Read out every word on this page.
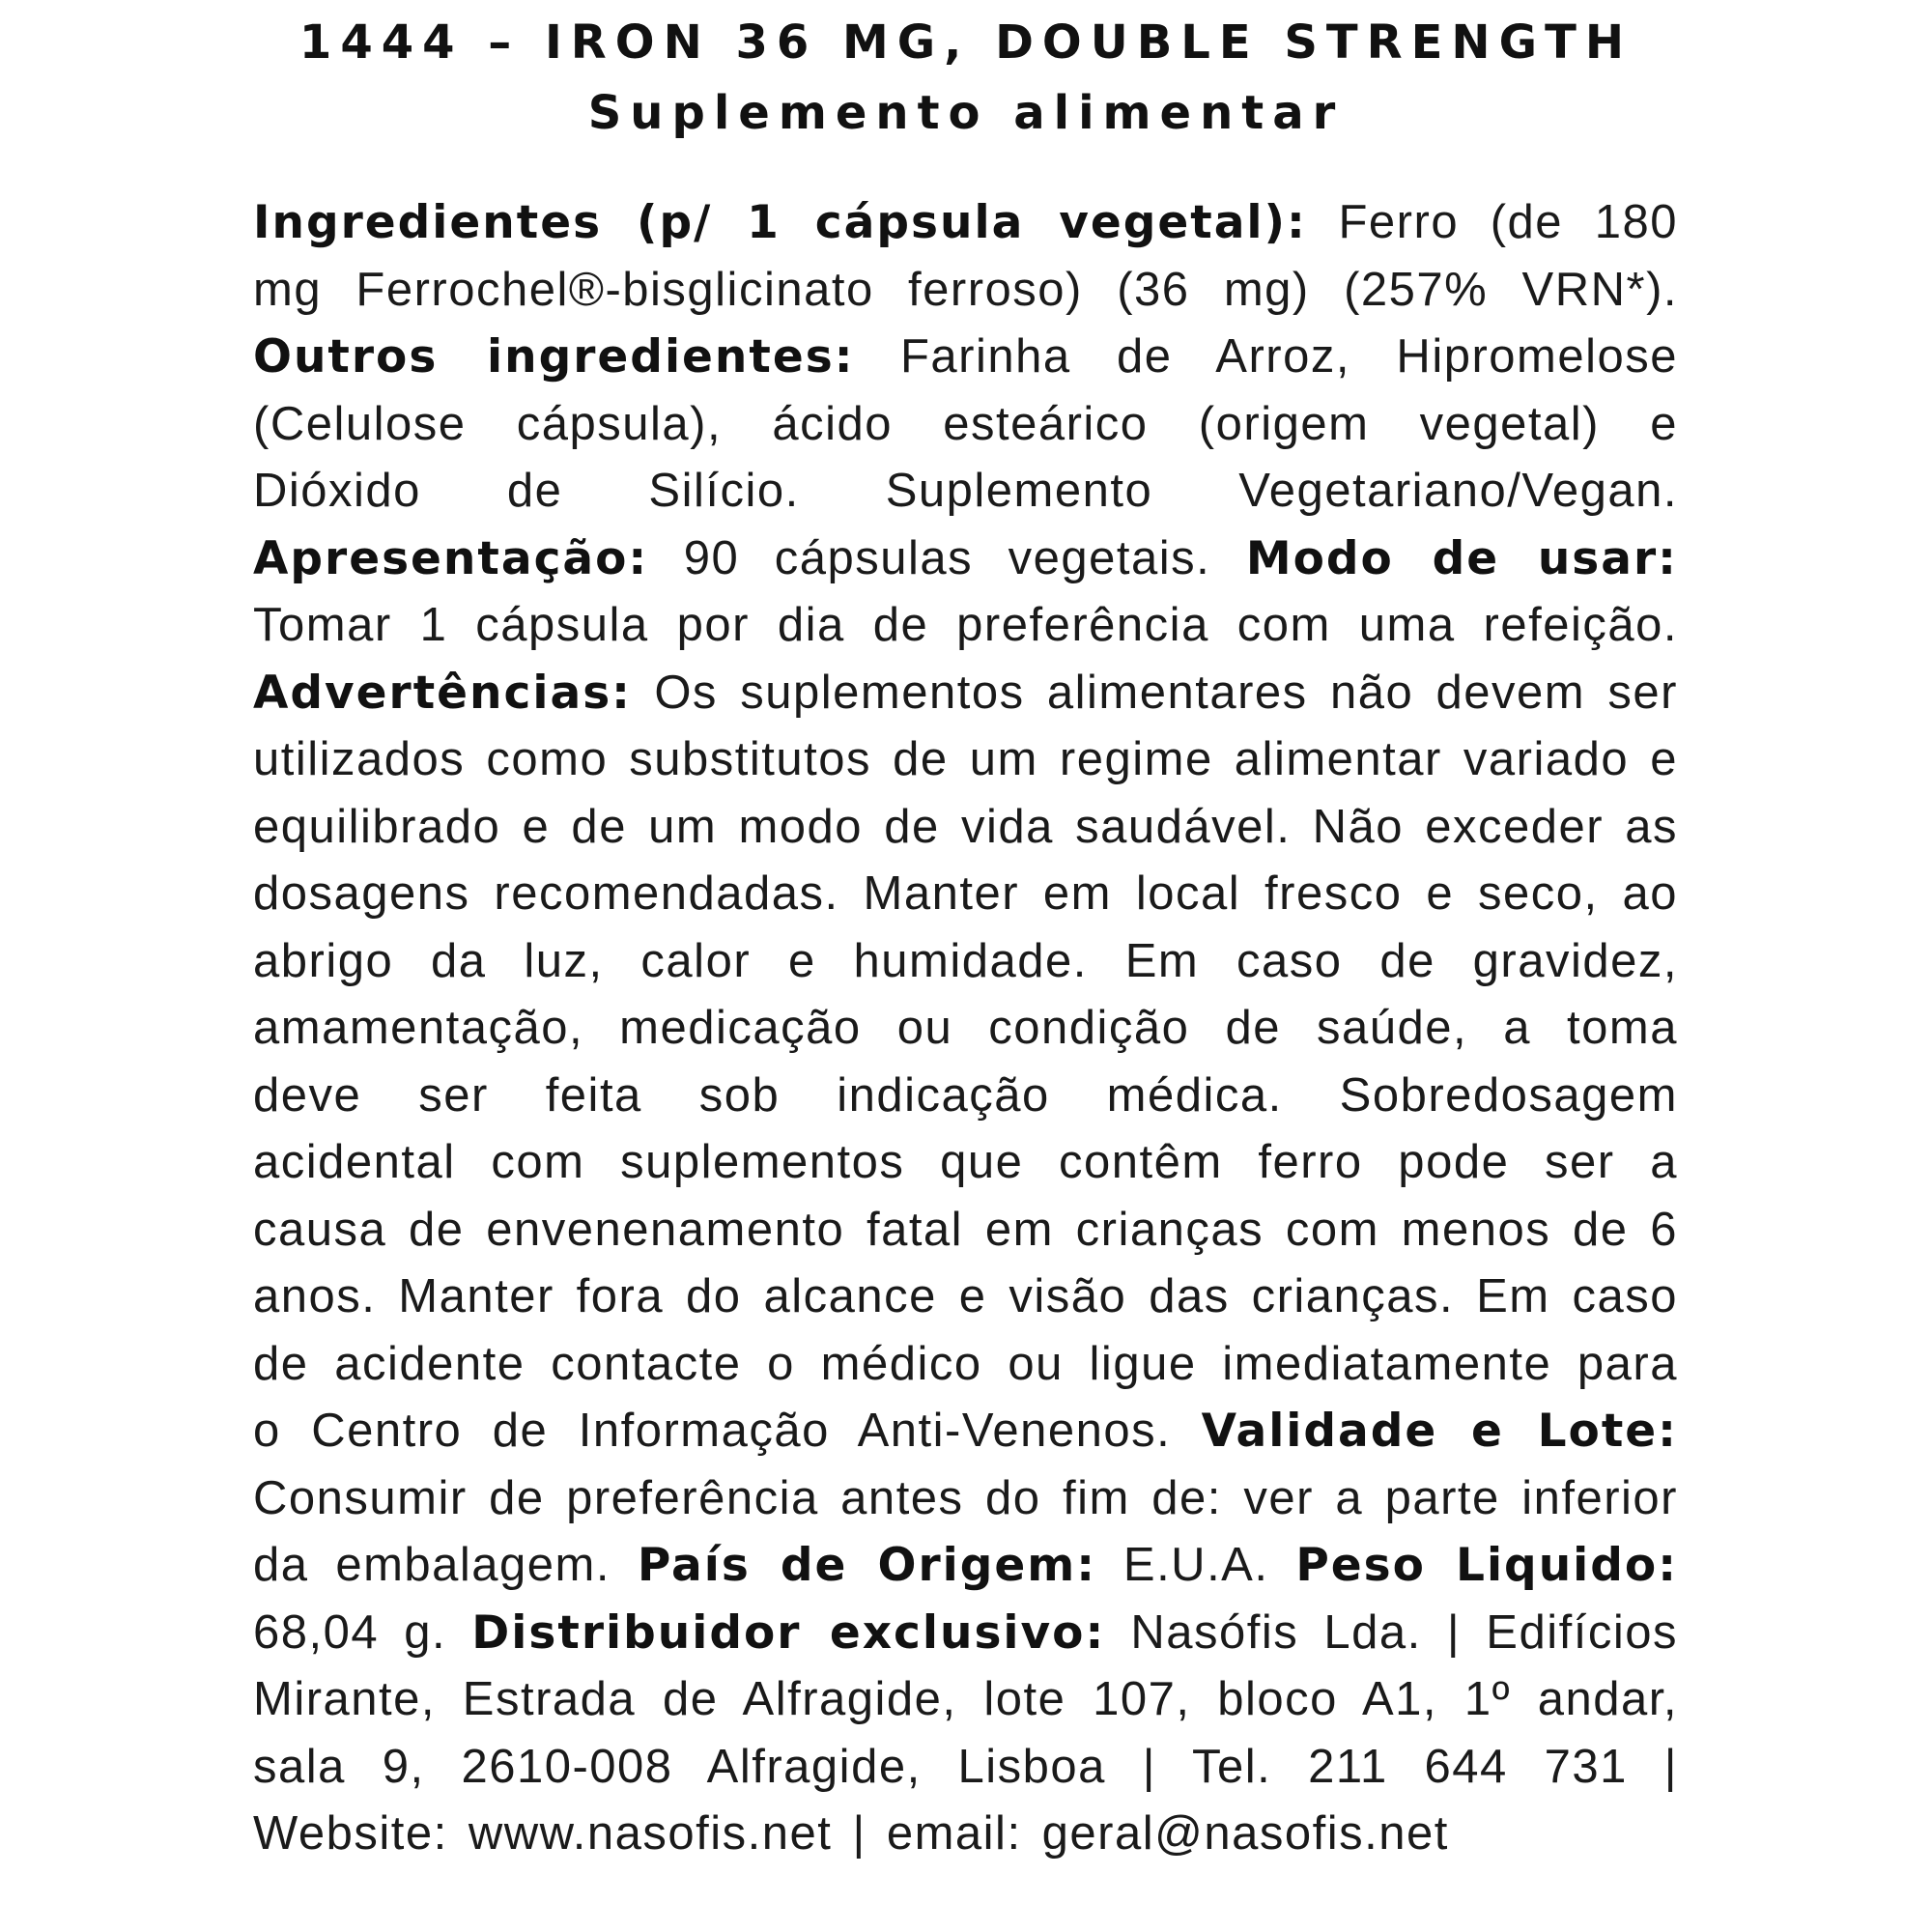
1444 – IRON 36 MG, DOUBLE STRENGTH
Suplemento alimentar
Ingredientes (p/ 1 cápsula vegetal): Ferro (de 180 mg Ferrochel®-bisglicinato ferroso) (36 mg) (257% VRN*). Outros ingredientes: Farinha de Arroz, Hipromelose (Celulose cápsula), ácido esteárico (origem vegetal) e Dióxido de Silício. Suplemento Vegetariano/Vegan. Apresentação: 90 cápsulas vegetais. Modo de usar: Tomar 1 cápsula por dia de preferência com uma refeição. Advertências: Os suplementos alimentares não devem ser utilizados como substitutos de um regime alimentar variado e equilibrado e de um modo de vida saudável. Não exceder as dosagens recomendadas. Manter em local fresco e seco, ao abrigo da luz, calor e humidade. Em caso de gravidez, amamentação, medicação ou condição de saúde, a toma deve ser feita sob indicação médica. Sobredosagem acidental com suplementos que contêm ferro pode ser a causa de envenenamento fatal em crianças com menos de 6 anos. Manter fora do alcance e visão das crianças. Em caso de acidente contacte o médico ou ligue imediatamente para o Centro de Informação Anti-Venenos. Validade e Lote: Consumir de preferência antes do fim de: ver a parte inferior da embalagem. País de Origem: E.U.A. Peso Liquido: 68,04 g. Distribuidor exclusivo: Nasófis Lda. | Edifícios Mirante, Estrada de Alfragide, lote 107, bloco A1, 1º andar, sala 9, 2610-008 Alfragide, Lisboa | Tel. 211 644 731 | Website: www.nasofis.net | email: geral@nasofis.net
